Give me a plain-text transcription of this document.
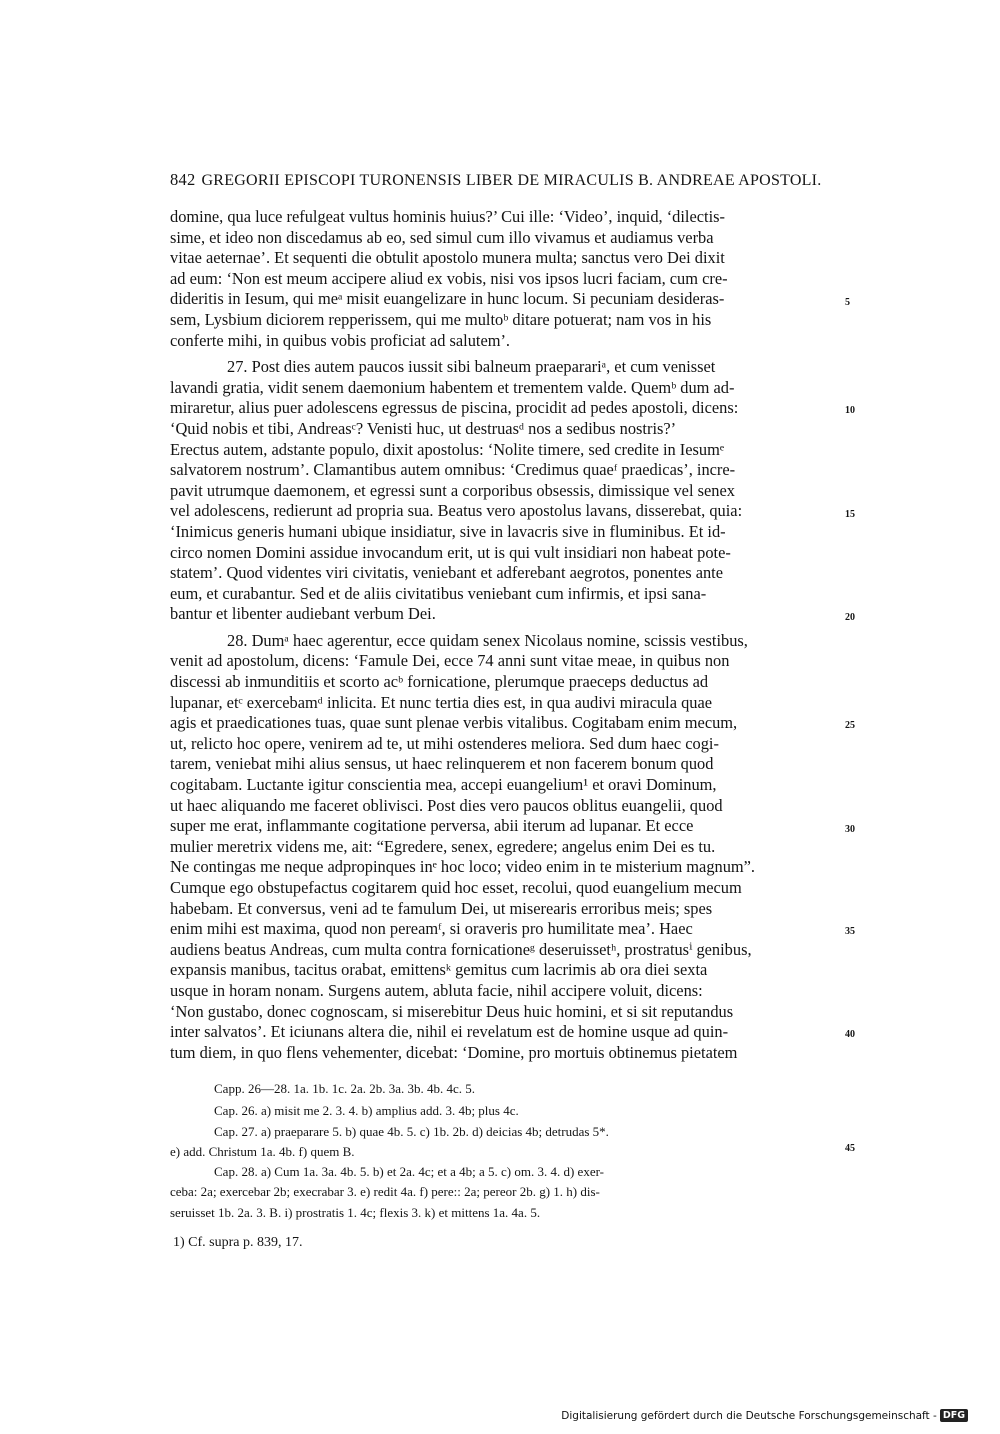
842 GREGORII EPISCOPI TURONENSIS LIBER DE MIRACULIS B. ANDREAE APOSTOLI.
domine, qua luce refulgeat vultus hominis huius?’ Cui ille: ‘Video’, inquid, ‘dilectis-
sime, et ideo non discedamus ab eo, sed simul cum illo vivamus et audiamus verba
vitae aeternae’. Et sequenti die obtulit apostolo munera multa; sanctus vero Dei dixit
ad eum: ‘Non est meum accipere aliud ex vobis, nisi vos ipsos lucri faciam, cum cre-
dideritis in Iesum, qui meᵃ misit euangelizare in hunc locum. Si pecuniam desideras-
sem, Lysbium diciorem repperissem, qui me multoᵇ ditare potuerat; nam vos in his
conferte mihi, in quibus vobis proficiat ad salutem’.
27. Post dies autem paucos iussit sibi balneum praeparariᵃ, et cum venisset
lavandi gratia, vidit senem daemonium habentem et trementem valde. Quemᵇ dum ad-
miraretur, alius puer adolescens egressus de piscina, procidit ad pedes apostoli, dicens:
‘Quid nobis et tibi, Andreasᶜ? Venisti huc, ut destruasᵈ nos a sedibus nostris?’
Erectus autem, adstante populo, dixit apostolus: ‘Nolite timere, sed credite in Iesumᵉ
salvatorem nostrum’. Clamantibus autem omnibus: ‘Credimus quaeᶠ praedicas’, incre-
pavit utrumque daemonem, et egressi sunt a corporibus obsessis, dimissique vel senex
vel adolescens, redierunt ad propria sua. Beatus vero apostolus lavans, disserebat, quia:
‘Inimicus generis humani ubique insidiatur, sive in lavacris sive in fluminibus. Et id-
circo nomen Domini assidue invocandum erit, ut is qui vult insidiari non habeat pote-
statem’. Quod videntes viri civitatis, veniebant et adferebant aegrotos, ponentes ante
eum, et curabantur. Sed et de aliis civitatibus veniebant cum infirmis, et ipsi sana-
bantur et libenter audiebant verbum Dei.
28. Dumᵃ haec agerentur, ecce quidam senex Nicolaus nomine, scissis vestibus,
venit ad apostolum, dicens: ‘Famule Dei, ecce 74 anni sunt vitae meae, in quibus non
discessi ab inmunditiis et scorto acᵇ fornicatione, plerumque praeceps deductus ad
lupanar, etᶜ exercebamᵈ inlicita. Et nunc tertia dies est, in qua audivi miracula quae
agis et praedicationes tuas, quae sunt plenae verbis vitalibus. Cogitabam enim mecum,
ut, relicto hoc opere, venirem ad te, ut mihi ostenderes meliora. Sed dum haec cogi-
tarem, veniebat mihi alius sensus, ut haec relinquerem et non facerem bonum quod
cogitabam. Luctante igitur conscientia mea, accepi euangelium¹ et oravi Dominum,
ut haec aliquando me faceret oblivisci. Post dies vero paucos oblitus euangelii, quod
super me erat, inflammante cogitatione perversa, abii iterum ad lupanar. Et ecce
mulier meretrix videns me, ait: “Egredere, senex, egredere; angelus enim Dei es tu.
Ne contingas me neque adpropinques inᵉ hoc loco; video enim in te misterium magnum”.
Cumque ego obstupefactus cogitarem quid hoc esset, recolui, quod euangelium mecum
habebam. Et conversus, veni ad te famulum Dei, ut miserearis erroribus meis; spes
enim mihi est maxima, quod non pereamᶠ, si oraveris pro humilitate mea’. Haec
audiens beatus Andreas, cum multa contra fornicationeᵍ deseruissetʰ, prostratusⁱ genibus,
expansis manibus, tacitus orabat, emittensᵏ gemitus cum lacrimis ab ora diei sexta
usque in horam nonam. Surgens autem, abluta facie, nihil accipere voluit, dicens:
‘Non gustabo, donec cognoscam, si miserebitur Deus huic homini, et si sit reputandus
inter salvatos’. Et iciunans altera die, nihil ei revelatum est de homine usque ad quin-
tum diem, in quo flens vehementer, dicebat: ‘Domine, pro mortuis obtinemus pietatem
5
10
15
20
25
30
35
40
Capp. 26—28. 1a. 1b. 1c. 2a. 2b. 3a. 3b. 4b. 4c. 5.
Cap. 26. a) misit me 2. 3. 4. b) amplius add. 3. 4b; plus 4c.
Cap. 27. a) praeparare 5. b) quae 4b. 5. c) 1b. 2b. d) deicias 4b; detrudas 5*.
e) add. Christum 1a. 4b. f) quem B.
Cap. 28. a) Cum 1a. 3a. 4b. 5. b) et 2a. 4c; et a 4b; a 5. c) om. 3. 4. d) exer-
ceba: 2a; exercebar 2b; execrabar 3. e) redit 4a. f) pere:: 2a; pereor 2b. g) 1. h) dis-
seruisset 1b. 2a. 3. B. i) prostratis 1. 4c; flexis 3. k) et mittens 1a. 4a. 5.
45
1) Cf. supra p. 839, 17.
Digitalisierung gefördert durch die Deutsche Forschungsgemeinschaft - DFG
